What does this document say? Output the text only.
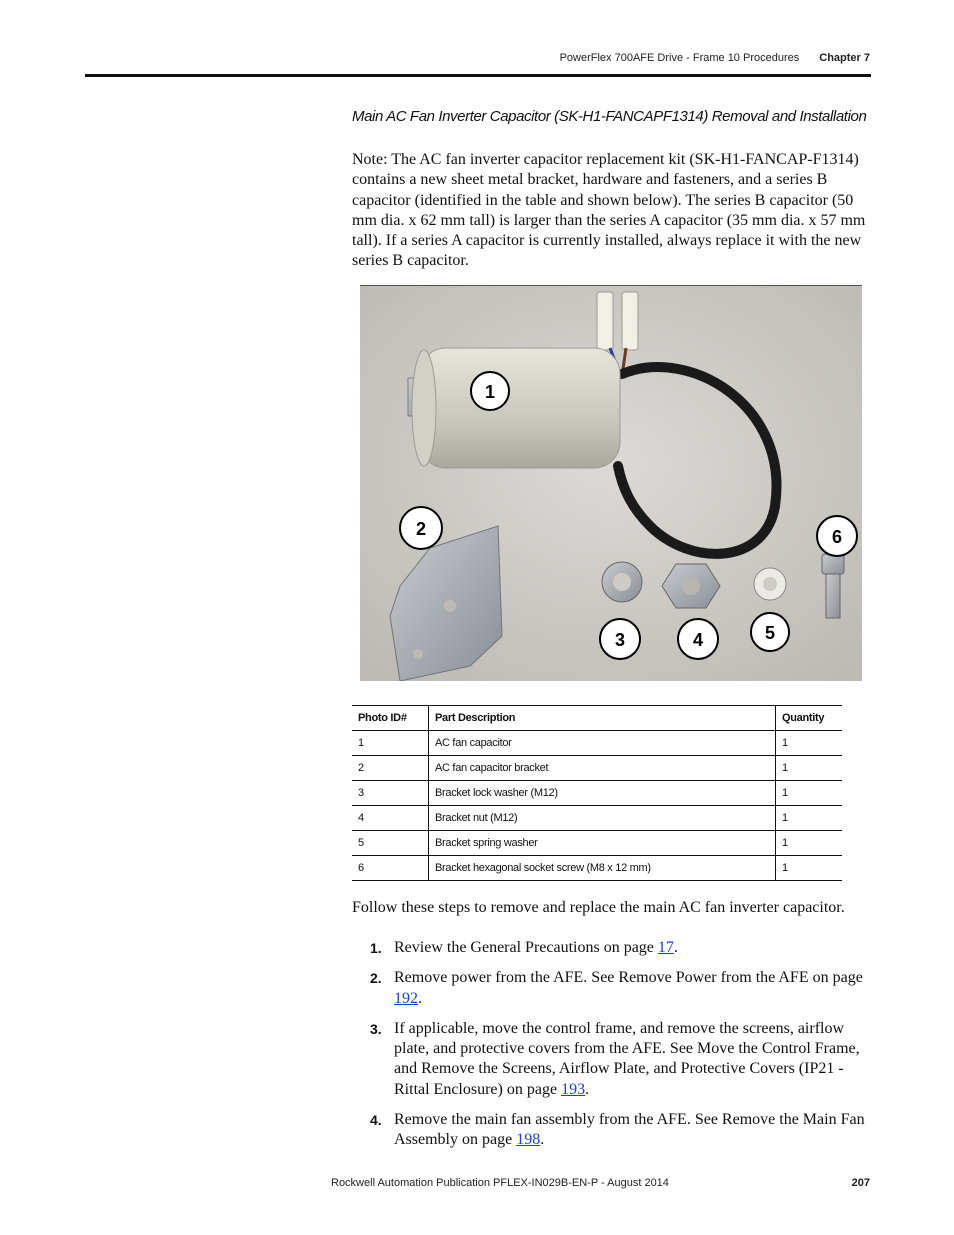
PowerFlex 700AFE Drive - Frame 10 Procedures Chapter 7
Main AC Fan Inverter Capacitor (SK-H1-FANCAPF1314) Removal and Installation
Note: The AC fan inverter capacitor replacement kit (SK-H1-FANCAP-F1314) contains a new sheet metal bracket, hardware and fasteners, and a series B capacitor (identified in the table and shown below). The series B capacitor (50 mm dia. x 62 mm tall) is larger than the series A capacitor (35 mm dia. x 57 mm tall). If a series A capacitor is currently installed, always replace it with the new series B capacitor.
1
2
3	4	5
6
Photo ID#	Part Description	Quantity
1	AC fan capacitor	1
2	AC fan capacitor bracket	1
3	Bracket lock washer (M12)	1
4	Bracket nut (M12)	1
5	Bracket spring washer	1
6	Bracket hexagonal socket screw (M8 x 12 mm)	1
Follow these steps to remove and replace the main AC fan inverter capacitor.
1. Review the General Precautions on page 17.
2. Remove power from the AFE. See Remove Power from the AFE on page 192.
3. If applicable, move the control frame, and remove the screens, airflow plate, and protective covers from the AFE. See Move the Control Frame, and Remove the Screens, Airflow Plate, and Protective Covers (IP21 - Rittal Enclosure) on page 193.
4. Remove the main fan assembly from the AFE. See Remove the Main Fan Assembly on page 198.
Rockwell Automation Publication PFLEX-IN029B-EN-P - August 2014	207
